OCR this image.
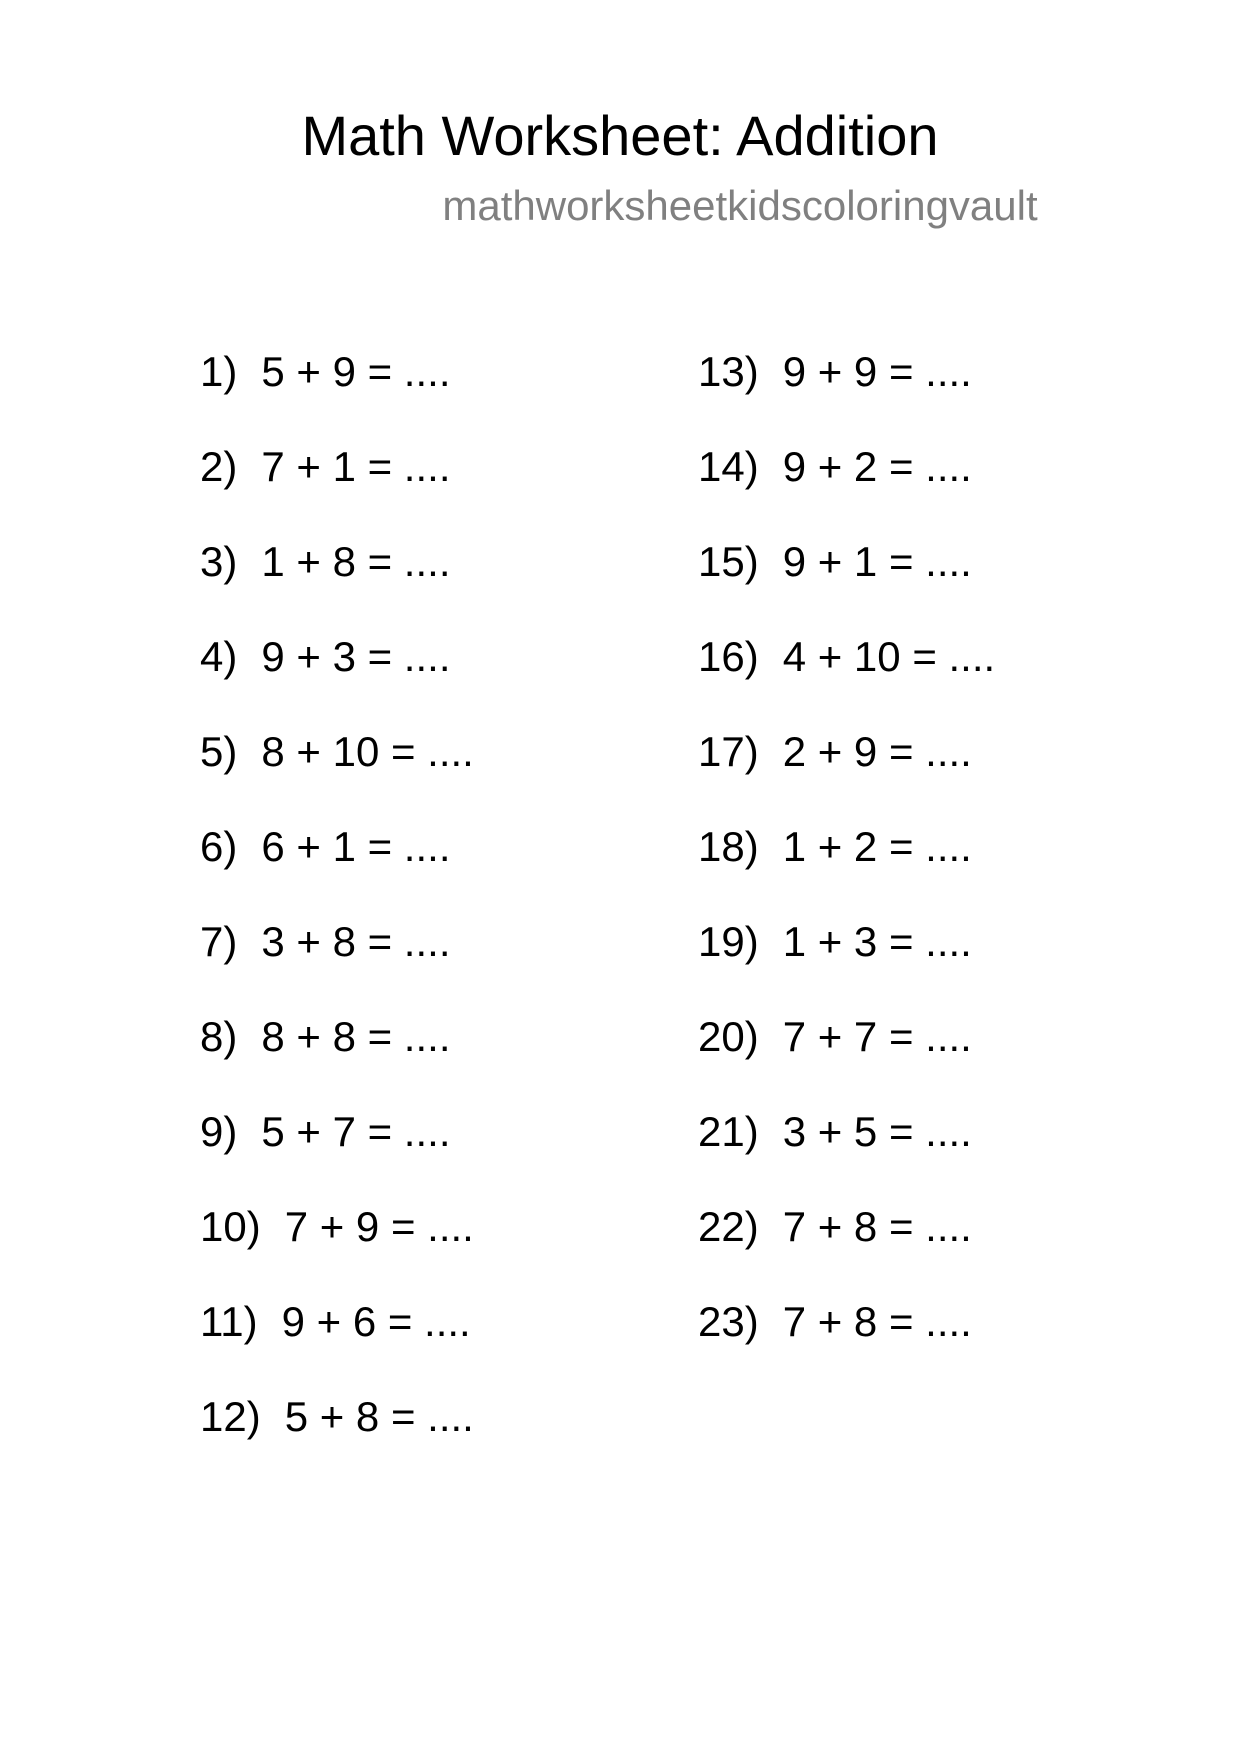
Math Worksheet: Addition
mathworksheetkidscoloringvault
1) 5 + 9 = ....
2) 7 + 1 = ....
3) 1 + 8 = ....
4) 9 + 3 = ....
5) 8 + 10 = ....
6) 6 + 1 = ....
7) 3 + 8 = ....
8) 8 + 8 = ....
9) 5 + 7 = ....
10) 7 + 9 = ....
11) 9 + 6 = ....
12) 5 + 8 = ....
13) 9 + 9 = ....
14) 9 + 2 = ....
15) 9 + 1 = ....
16) 4 + 10 = ....
17) 2 + 9 = ....
18) 1 + 2 = ....
19) 1 + 3 = ....
20) 7 + 7 = ....
21) 3 + 5 = ....
22) 7 + 8 = ....
23) 7 + 8 = ....
